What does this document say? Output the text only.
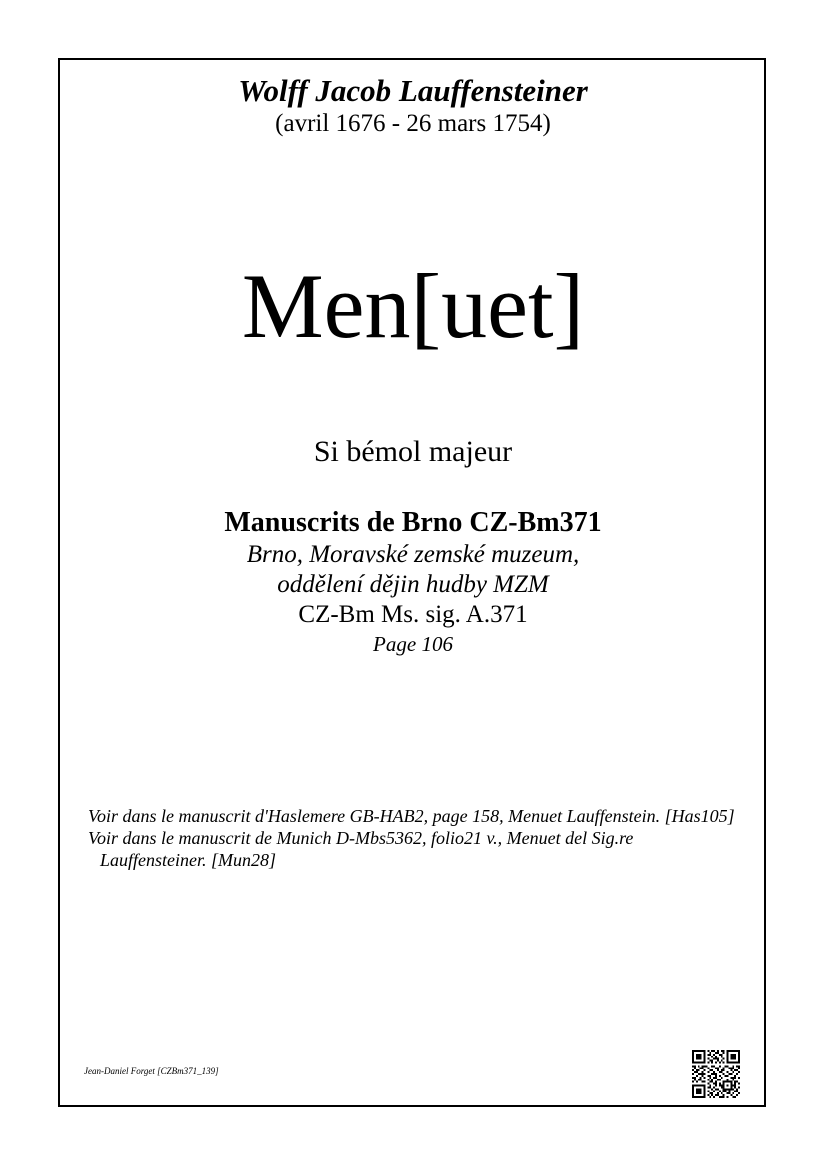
Wolff Jacob Lauffensteiner
(avril 1676 - 26 mars 1754)
Men[uet]
Si bémol majeur
Manuscrits de Brno CZ-Bm371
Brno, Moravské zemské muzeum,
oddělení dějin hudby MZM
CZ-Bm Ms. sig. A.371
Page 106

Voir dans le manuscrit d'Haslemere GB-HAB2, page 158, Menuet Lauffenstein. [Has105]

Voir dans le manuscrit de Munich D-Mbs5362, folio21 v., Menuet del Sig.re Lauffensteiner. [Mun28]

Jean-Daniel Forget [CZBm371_139]
